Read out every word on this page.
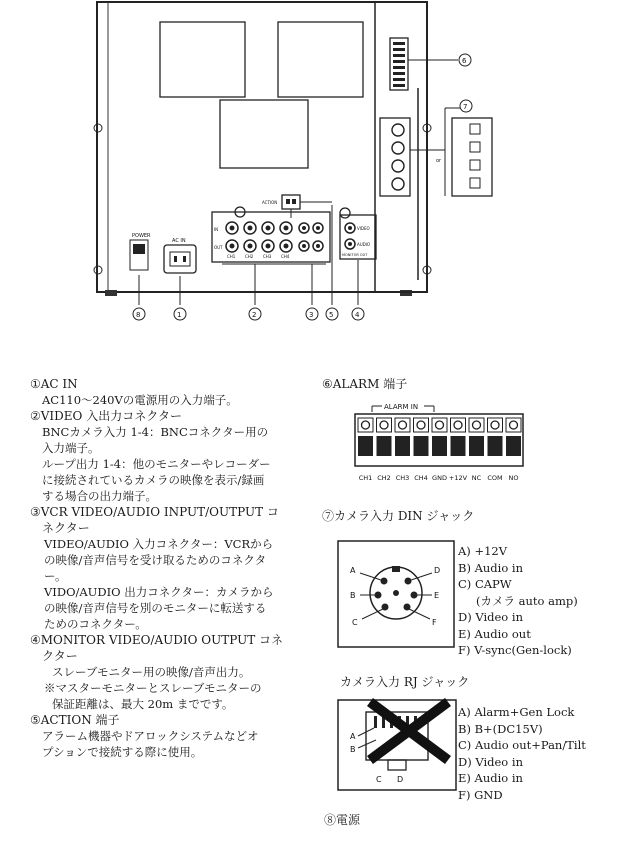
POWER
AC IN
IN
OUT
CH1 CH2 CH3 CH4
ACTION
VIDEO
AUDIO
MONITOR OUT
or
8	1	2	3 5	4
6
7
①AC IN
AC110～240Vの電源用の入力端子。
②VIDEO 入出力コネクター
BNCカメラ入力 1-4：BNCコネクター用の
入力端子。
ループ出力 1-4：他のモニターやレコーダー
に接続されているカメラの映像を表示/録画
する場合の出力端子。
③VCR VIDEO/AUDIO INPUT/OUTPUT コ
ネクター
VIDEO/AUDIO 入力コネクター：VCRから
の映像/音声信号を受け取るためのコネクタ
ー。
VIDO/AUDIO 出力コネクター：カメラから
の映像/音声信号を別のモニターに転送する
ためのコネクター。
④MONITOR VIDEO/AUDIO OUTPUT コネ
クター
スレーブモニター用の映像/音声出力。
※マスターモニターとスレーブモニターの
保証距離は、最大 20m までです。
⑤ACTION 端子
アラーム機器やドアロックシステムなどオ
プションで接続する際に使用。
⑥ALARM 端子
ALARM IN
CH1 CH2 CH3 CH4 GND +12V NC COM NO
⑦カメラ入力 DIN ジャック
A
B
C
D
E
F
A) +12V
B) Audio in
C) CAPW
(カメラ auto amp)
D) Video in
E) Audio out
F) V-sync(Gen-lock)
カメラ入力 RJ ジャック
A
B
C D
A) Alarm+Gen Lock
B) B+(DC15V)
C) Audio out+Pan/Tilt
D) Video in
E) Audio in
F) GND
⑧電源
